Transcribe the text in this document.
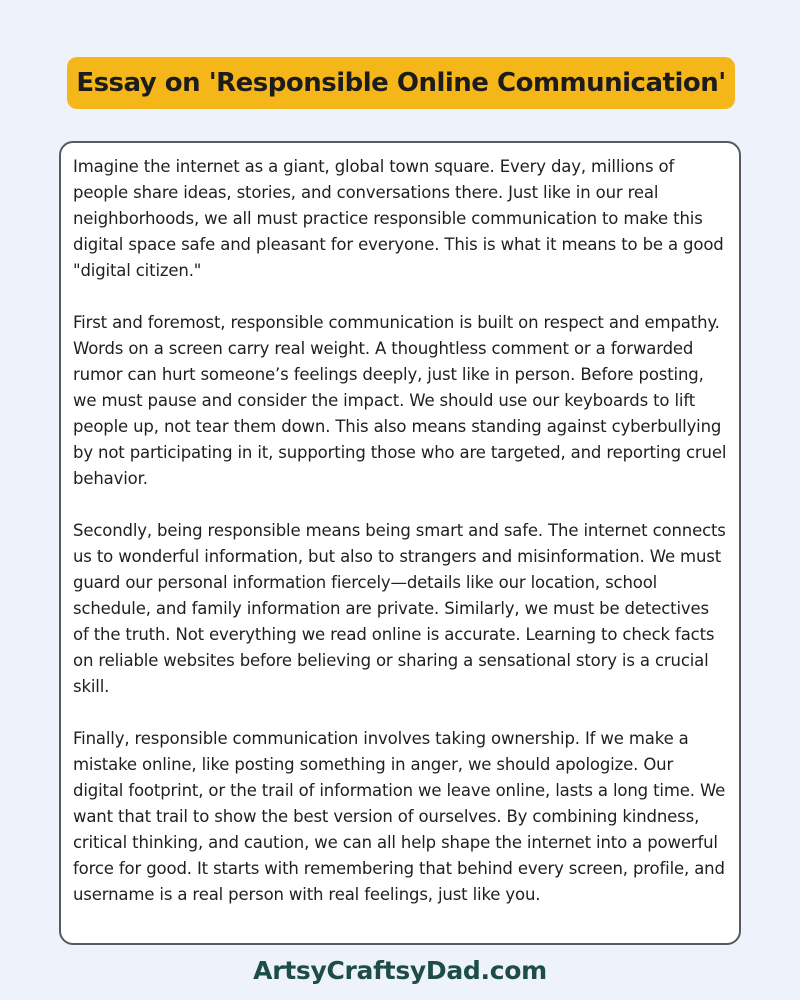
Essay on 'Responsible Online Communication'

Imagine the internet as a giant, global town square. Every day, millions of people share ideas, stories, and conversations there. Just like in our real neighborhoods, we all must practice responsible communication to make this digital space safe and pleasant for everyone. This is what it means to be a good "digital citizen."

First and foremost, responsible communication is built on respect and empathy. Words on a screen carry real weight. A thoughtless comment or a forwarded rumor can hurt someone’s feelings deeply, just like in person. Before posting, we must pause and consider the impact. We should use our keyboards to lift people up, not tear them down. This also means standing against cyberbullying by not participating in it, supporting those who are targeted, and reporting cruel behavior.

Secondly, being responsible means being smart and safe. The internet connects us to wonderful information, but also to strangers and misinformation. We must guard our personal information fiercely—details like our location, school schedule, and family information are private. Similarly, we must be detectives of the truth. Not everything we read online is accurate. Learning to check facts on reliable websites before believing or sharing a sensational story is a crucial skill.

Finally, responsible communication involves taking ownership. If we make a mistake online, like posting something in anger, we should apologize. Our digital footprint, or the trail of information we leave online, lasts a long time. We want that trail to show the best version of ourselves. By combining kindness, critical thinking, and caution, we can all help shape the internet into a powerful force for good. It starts with remembering that behind every screen, profile, and username is a real person with real feelings, just like you.

ArtsyCraftsyDad.com
